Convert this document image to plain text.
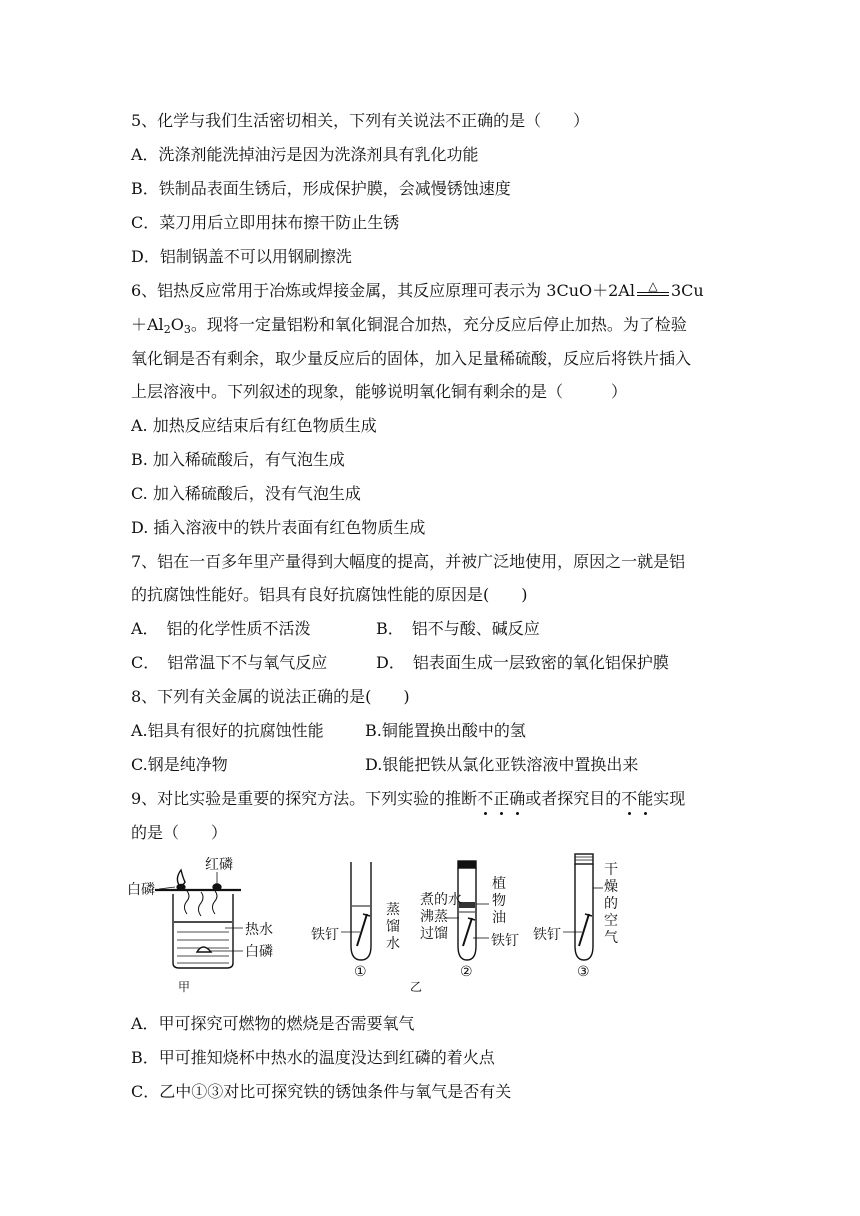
5、化学与我们生活密切相关，下列有关说法不正确的是（　　）
A．洗涤剂能洗掉油污是因为洗涤剂具有乳化功能
B．铁制品表面生锈后，形成保护膜，会减慢锈蚀速度
C．菜刀用后立即用抹布擦干防止生锈
D．铝制锅盖不可以用钢刷擦洗
6、铝热反应常用于冶炼或焊接金属，其反应原理可表示为 3CuO＋2Al	△ 3Cu
$+Al_2O_3$。现将一定量铝粉和氧化铜混合加热，充分反应后停止加热。为了检验
氧化铜是否有剩余，取少量反应后的固体，加入足量稀硫酸，反应后将铁片插入
上层溶液中。下列叙述的现象，能够说明氧化铜有剩余的是（　　　）
A. 加热反应结束后有红色物质生成
B. 加入稀硫酸后，有气泡生成
C. 加入稀硫酸后，没有气泡生成
D. 插入溶液中的铁片表面有红色物质生成
7、铝在一百多年里产量得到大幅度的提高，并被广泛地使用，原因之一就是铝
的抗腐蚀性能好。铝具有良好抗腐蚀性能的原因是(　　)
A．　铝的化学性质不活泼	B．　铝不与酸、碱反应
C．　铝常温下不与氧气反应	D．　铝表面生成一层致密的氧化铝保护膜
8、下列有关金属的说法正确的是(　　)
A.铝具有很好的抗腐蚀性能	B.铜能置换出酸中的氢
C.钢是纯净物	D.银能把铁从氯化亚铁溶液中置换出来
9、对比实验是重要的探究方法。下列实验的推断不正确或者探究目的不能实现
的是（　　）
红磷
白磷
热水
白磷
甲
铁钉
蒸馏水
①
乙
煮沸过
的蒸馏
水
植物油
铁钉
②
铁钉
干燥的空气
③
A．甲可探究可燃物的燃烧是否需要氧气
B．甲可推知烧杯中热水的温度没达到红磷的着火点
C．乙中①③对比可探究铁的锈蚀条件与氧气是否有关
